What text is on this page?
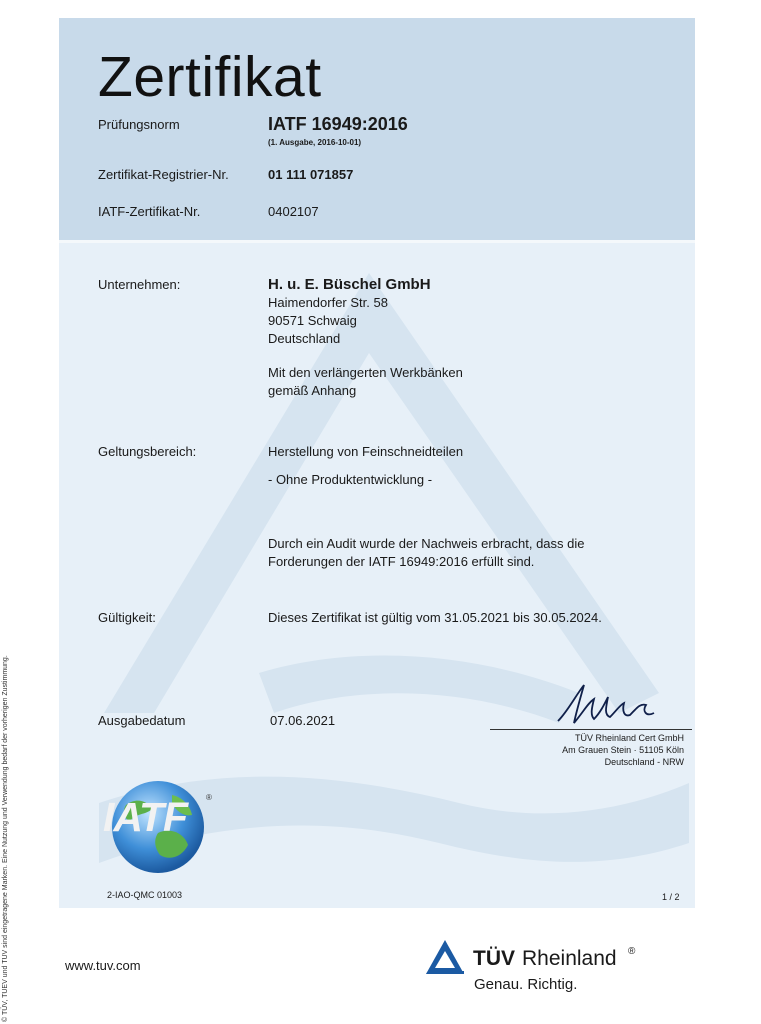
© TÜV, TUEV und TUV sind eingetragene Marken. Eine Nutzung und Verwendung bedarf der vorherigen Zustimmung.
Zertifikat
Prüfungsnorm	IATF 16949:2016
(1. Ausgabe, 2016-10-01)
Zertifikat-Registrier-Nr.	01 111 071857
IATF-Zertifikat-Nr.	0402107
Unternehmen:	H. u. E. Büschel GmbH
Haimendorfer Str. 58
90571 Schwaig
Deutschland
Mit den verlängerten Werkbänken
gemäß Anhang
Geltungsbereich:	Herstellung von Feinschneidteilen
- Ohne Produktentwicklung -
Durch ein Audit wurde der Nachweis erbracht, dass die
Forderungen der IATF 16949:2016 erfüllt sind.
Gültigkeit:	Dieses Zertifikat ist gültig vom 31.05.2021 bis 30.05.2024.
Ausgabedatum	07.06.2021
TÜV Rheinland Cert GmbH
Am Grauen Stein · 51105 Köln
Deutschland - NRW
IATF ®
2-IAO-QMC 01003	1 / 2
www.tuv.com	TÜV Rheinland ®
Genau. Richtig.
